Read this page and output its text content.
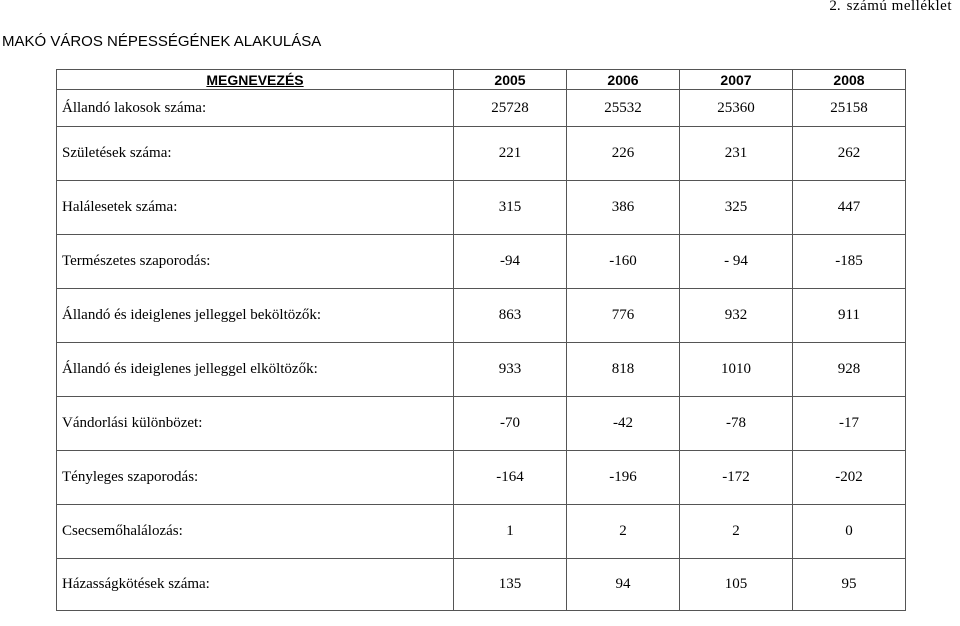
2. számú melléklet
MAKÓ VÁROS NÉPESSÉGÉNEK ALAKULÁSA
MEGNEVEZÉS	2005	2006	2007	2008
Állandó lakosok száma:	25728	25532	25360	25158
Születések száma:	221	226	231	262
Halálesetek száma:	315	386	325	447
Természetes szaporodás:	-94	-160	- 94	-185
Állandó és ideiglenes jelleggel beköltözők:	863	776	932	911
Állandó és ideiglenes jelleggel elköltözők:	933	818	1010	928
Vándorlási különbözet:	-70	-42	-78	-17
Tényleges szaporodás:	-164	-196	-172	-202
Csecsemőhalálozás:	1	2	2	0
Házasságkötések száma:	135	94	105	95
